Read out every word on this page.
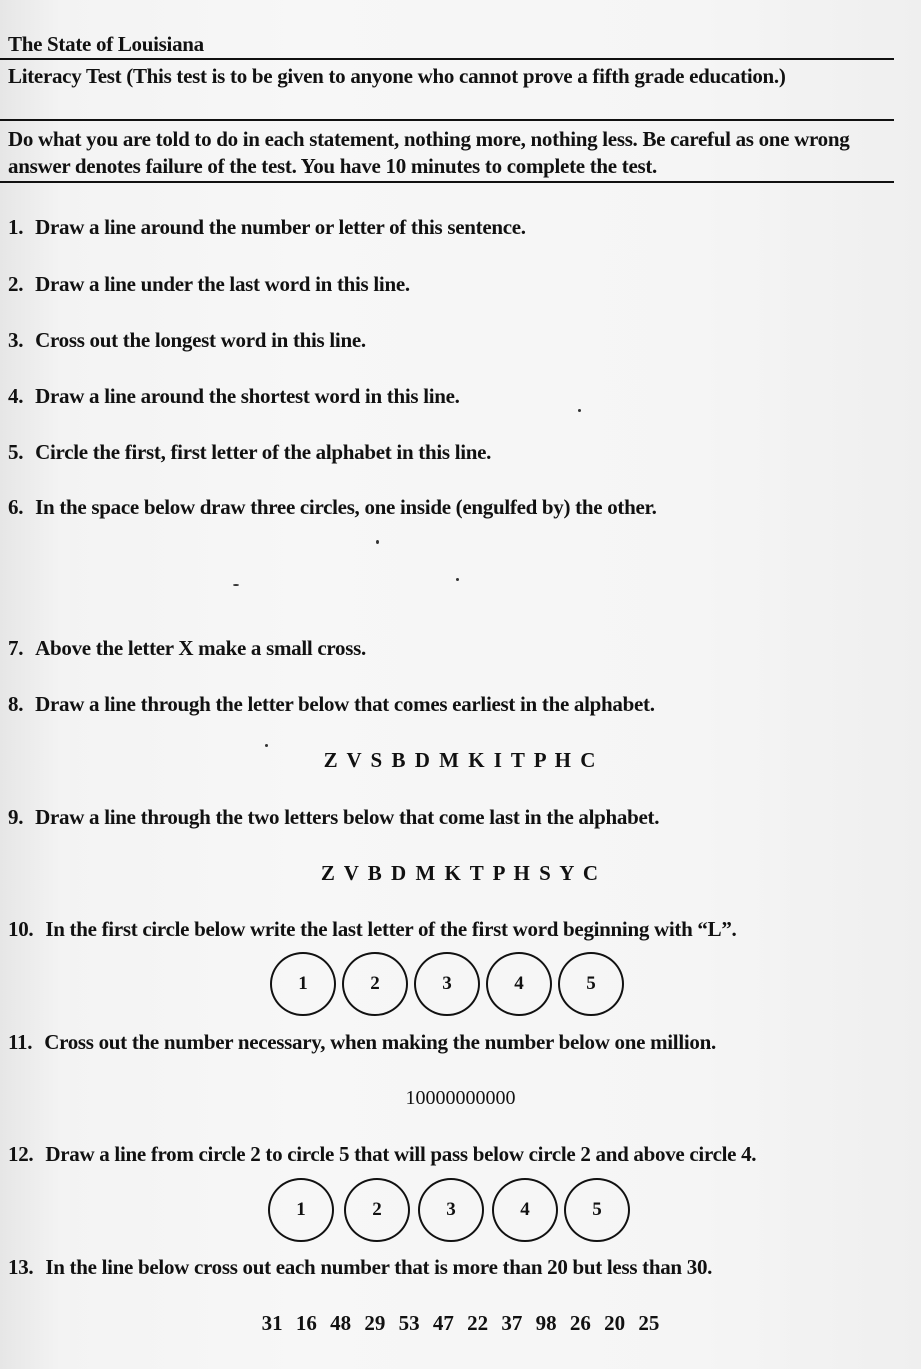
The State of Louisiana
Literacy Test (This test is to be given to anyone who cannot prove a fifth grade education.)
Do what you are told to do in each statement, nothing more, nothing less. Be careful as one wrong answer denotes failure of the test. You have 10 minutes to complete the test.
1. Draw a line around the number or letter of this sentence.
2. Draw a line under the last word in this line.
3. Cross out the longest word in this line.
4. Draw a line around the shortest word in this line.
5. Circle the first, first letter of the alphabet in this line.
6. In the space below draw three circles, one inside (engulfed by) the other.
7. Above the letter X make a small cross.
8. Draw a line through the letter below that comes earliest in the alphabet.
Z V S B D M K I T P H C
9. Draw a line through the two letters below that come last in the alphabet.
Z V B D M K T P H S Y C
10. In the first circle below write the last letter of the first word beginning with “L”.
1	2	3	4	5
11. Cross out the number necessary, when making the number below one million.
10000000000
12. Draw a line from circle 2 to circle 5 that will pass below circle 2 and above circle 4.
1	2	3	4	5
13. In the line below cross out each number that is more than 20 but less than 30.
31 16 48 29 53 47 22 37 98 26 20 25
